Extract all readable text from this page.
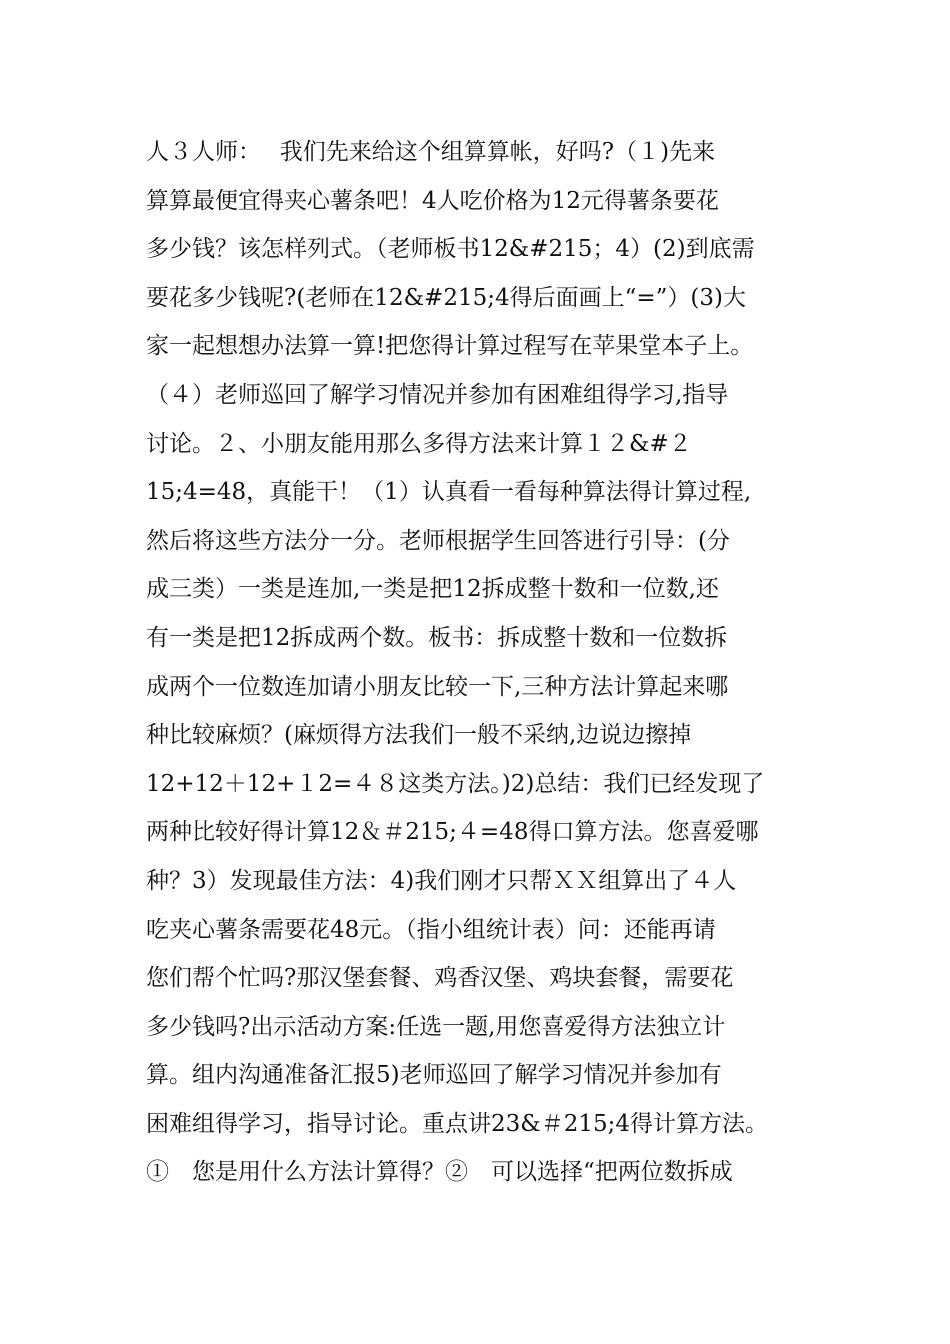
人３人师：　 我们先来给这个组算算帐，好吗?（１)先来
算算最便宜得夹心薯条吧！4人吃价格为12元得薯条要花
多少钱？该怎样列式。（老师板书12&#215；4）(2)到底需
要花多少钱呢?(老师在12&#215;4得后面画上“=”）(3)大
家一起想想办法算一算!把您得计算过程写在苹果堂本子上。
（４）老师巡回了解学习情况并参加有困难组得学习,指导
讨论。２、小朋友能用那么多得方法来计算１２&#２
15;4=48，真能干！（1）认真看一看每种算法得计算过程,
然后将这些方法分一分。老师根据学生回答进行引导：(分
成三类）一类是连加,一类是把12拆成整十数和一位数,还
有一类是把12拆成两个数。板书：拆成整十数和一位数拆
成两个一位数连加请小朋友比较一下,三种方法计算起来哪
种比较麻烦？(麻烦得方法我们一般不采纳,边说边擦掉
12+12＋12+１2=４８这类方法。)2)总结：我们已经发现了
两种比较好得计算12＆＃215;４=48得口算方法。您喜爱哪
种？3）发现最佳方法：4)我们刚才只帮ＸＸ组算出了４人
吃夹心薯条需要花48元。（指小组统计表）问：还能再请
您们帮个忙吗?那汉堡套餐、鸡香汉堡、鸡块套餐，需要花
多少钱吗?出示活动方案:任选一题,用您喜爱得方法独立计
算。组内沟通准备汇报5)老师巡回了解学习情况并参加有
困难组得学习，指导讨论。重点讲23&＃215;4得计算方法。
①　您是用什么方法计算得？②　可以选择“把两位数拆成
